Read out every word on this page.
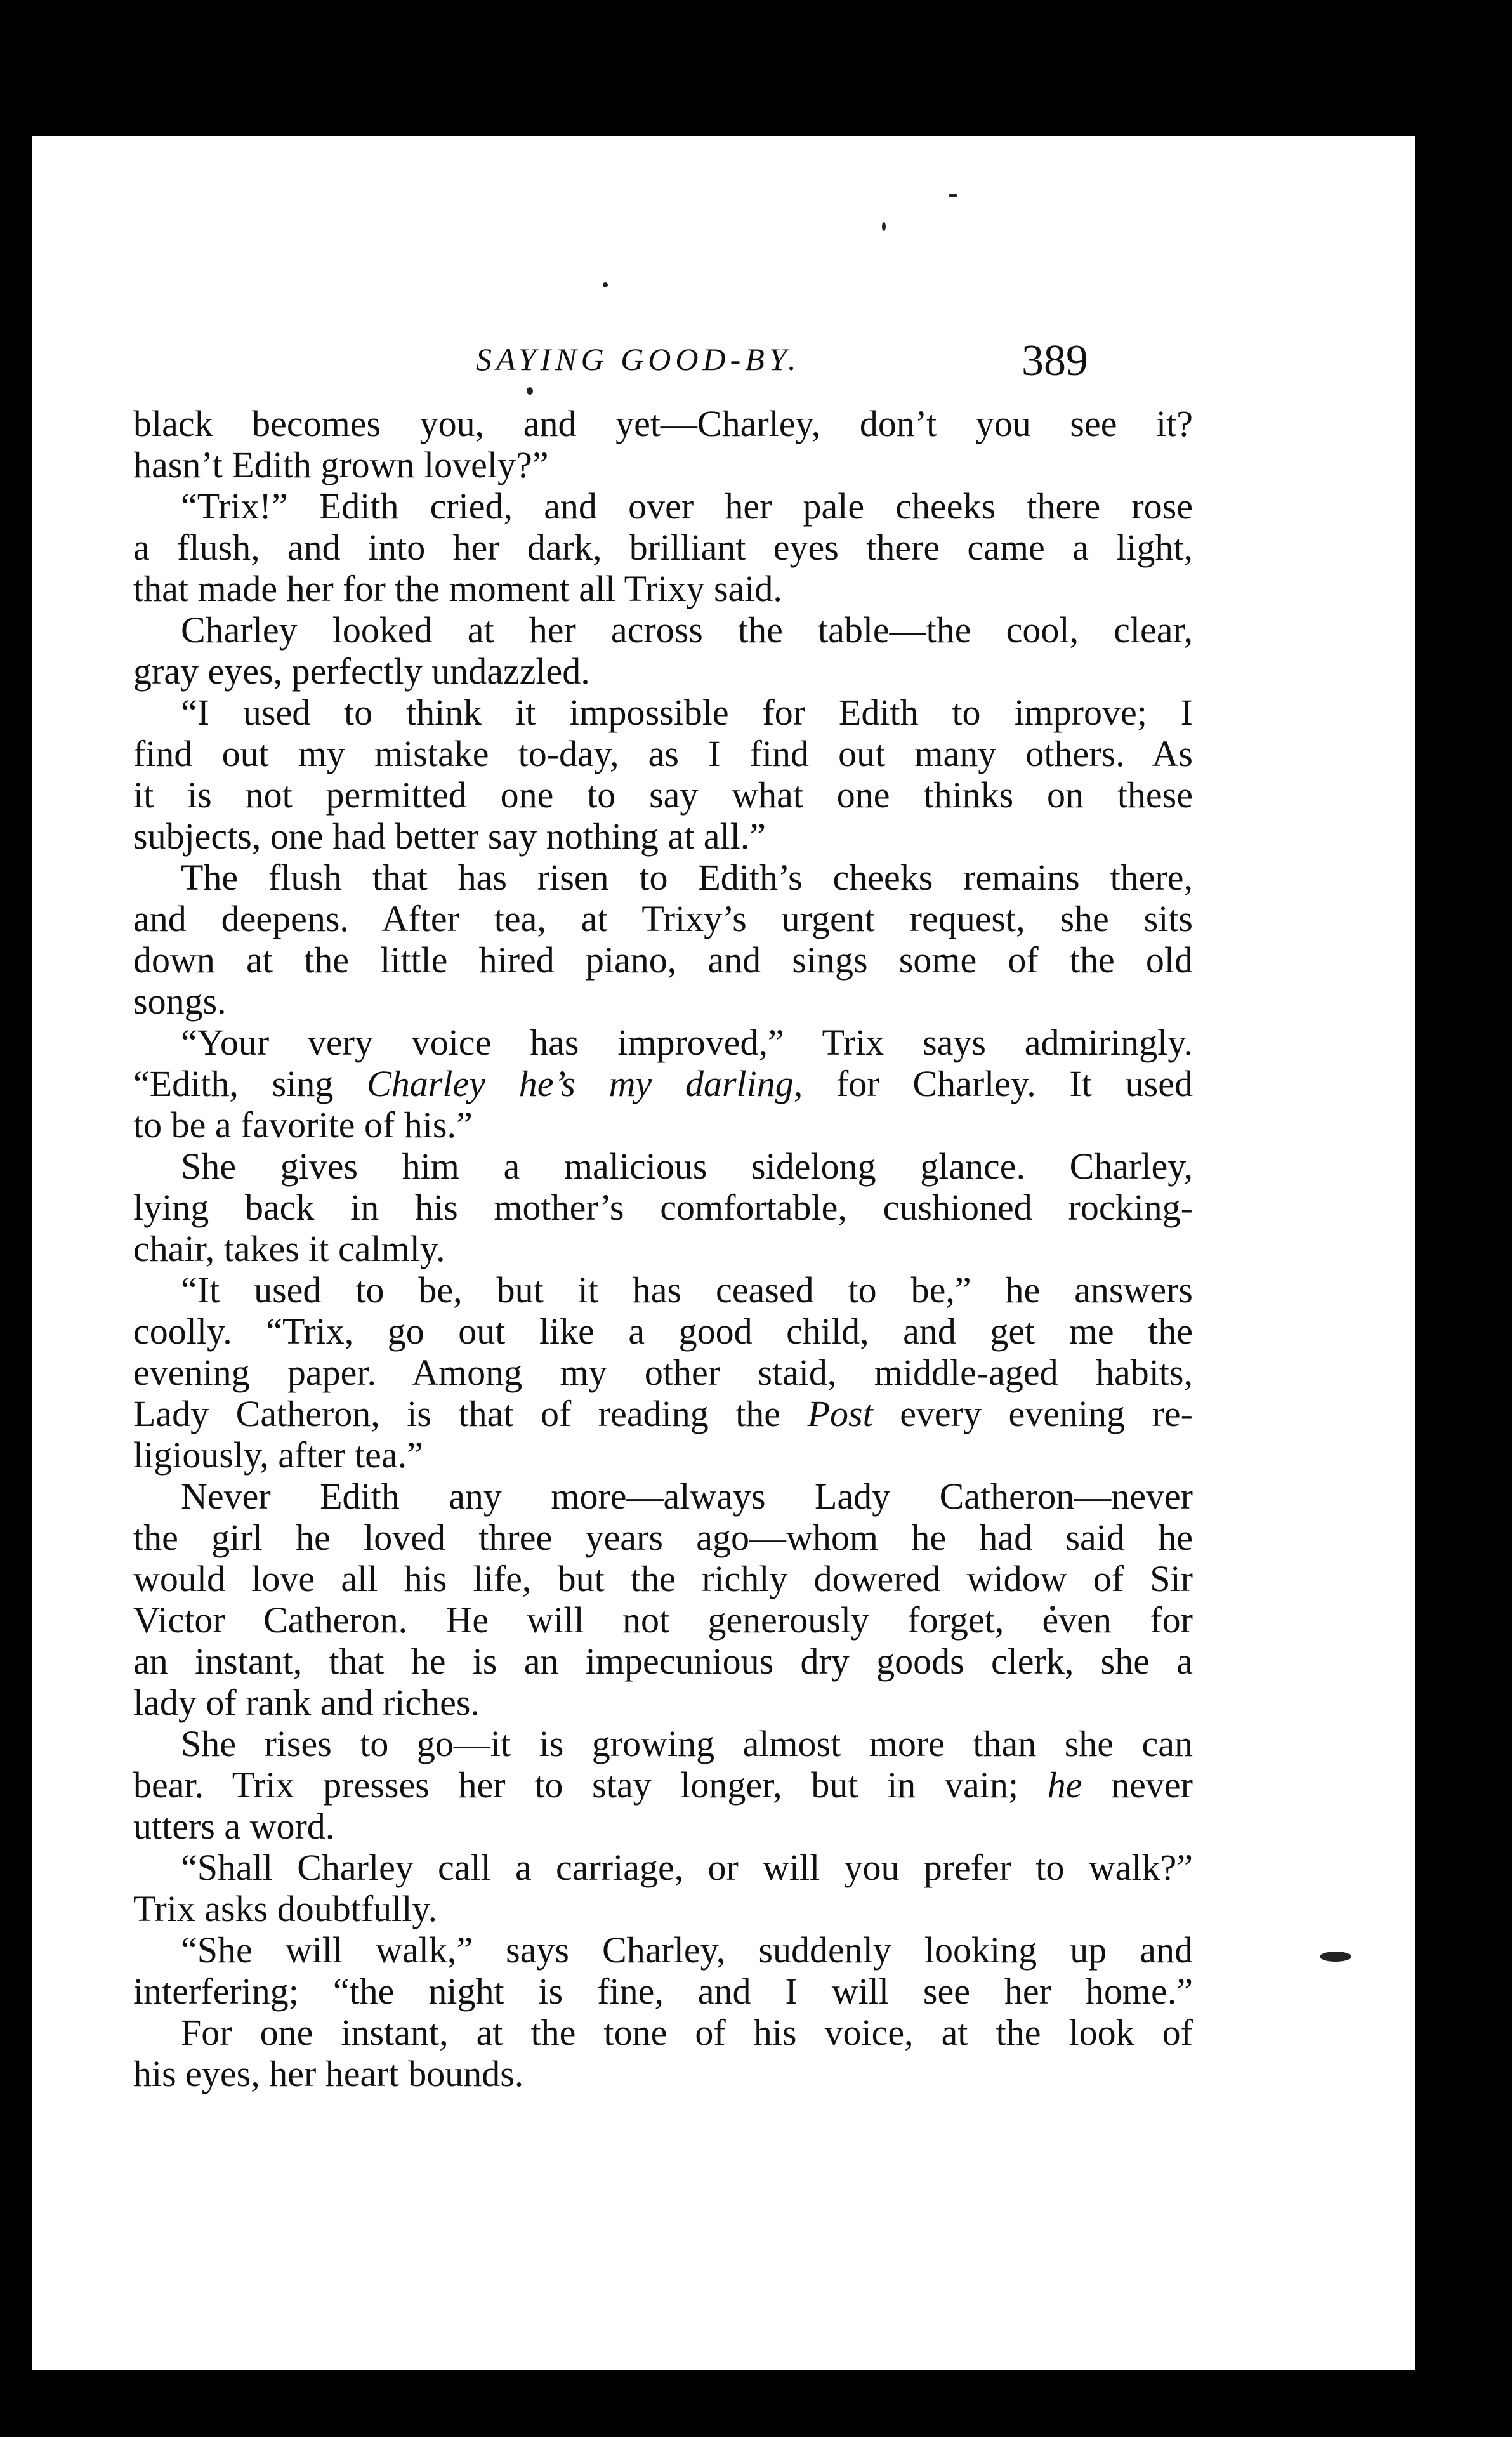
SAYING GOOD-BY.	389
black becomes you, and yet—Charley, don’t you see it?
hasn’t Edith grown lovely?”
“Trix!” Edith cried, and over her pale cheeks there rose
a flush, and into her dark, brilliant eyes there came a light,
that made her for the moment all Trixy said.
Charley looked at her across the table—the cool, clear,
gray eyes, perfectly undazzled.
“I used to think it impossible for Edith to improve; I
find out my mistake to-day, as I find out many others. As
it is not permitted one to say what one thinks on these
subjects, one had better say nothing at all.”
The flush that has risen to Edith’s cheeks remains there,
and deepens. After tea, at Trixy’s urgent request, she sits
down at the little hired piano, and sings some of the old
songs.
“Your very voice has improved,” Trix says admiringly.
“Edith, sing Charley he’s my darling, for Charley. It used
to be a favorite of his.”
She gives him a malicious sidelong glance. Charley,
lying back in his mother’s comfortable, cushioned rocking-
chair, takes it calmly.
“It used to be, but it has ceased to be,” he answers
coolly. “Trix, go out like a good child, and get me the
evening paper. Among my other staid, middle-aged habits,
Lady Catheron, is that of reading the Post every evening re-
ligiously, after tea.”
Never Edith any more—always Lady Catheron—never
the girl he loved three years ago—whom he had said he
would love all his life, but the richly dowered widow of Sir
Victor Catheron. He will not generously forget, even for
an instant, that he is an impecunious dry goods clerk, she a
lady of rank and riches.
She rises to go—it is growing almost more than she can
bear. Trix presses her to stay longer, but in vain; he never
utters a word.
“Shall Charley call a carriage, or will you prefer to walk?”
Trix asks doubtfully.
“She will walk,” says Charley, suddenly looking up and
interfering; “the night is fine, and I will see her home.”
For one instant, at the tone of his voice, at the look of
his eyes, her heart bounds.
